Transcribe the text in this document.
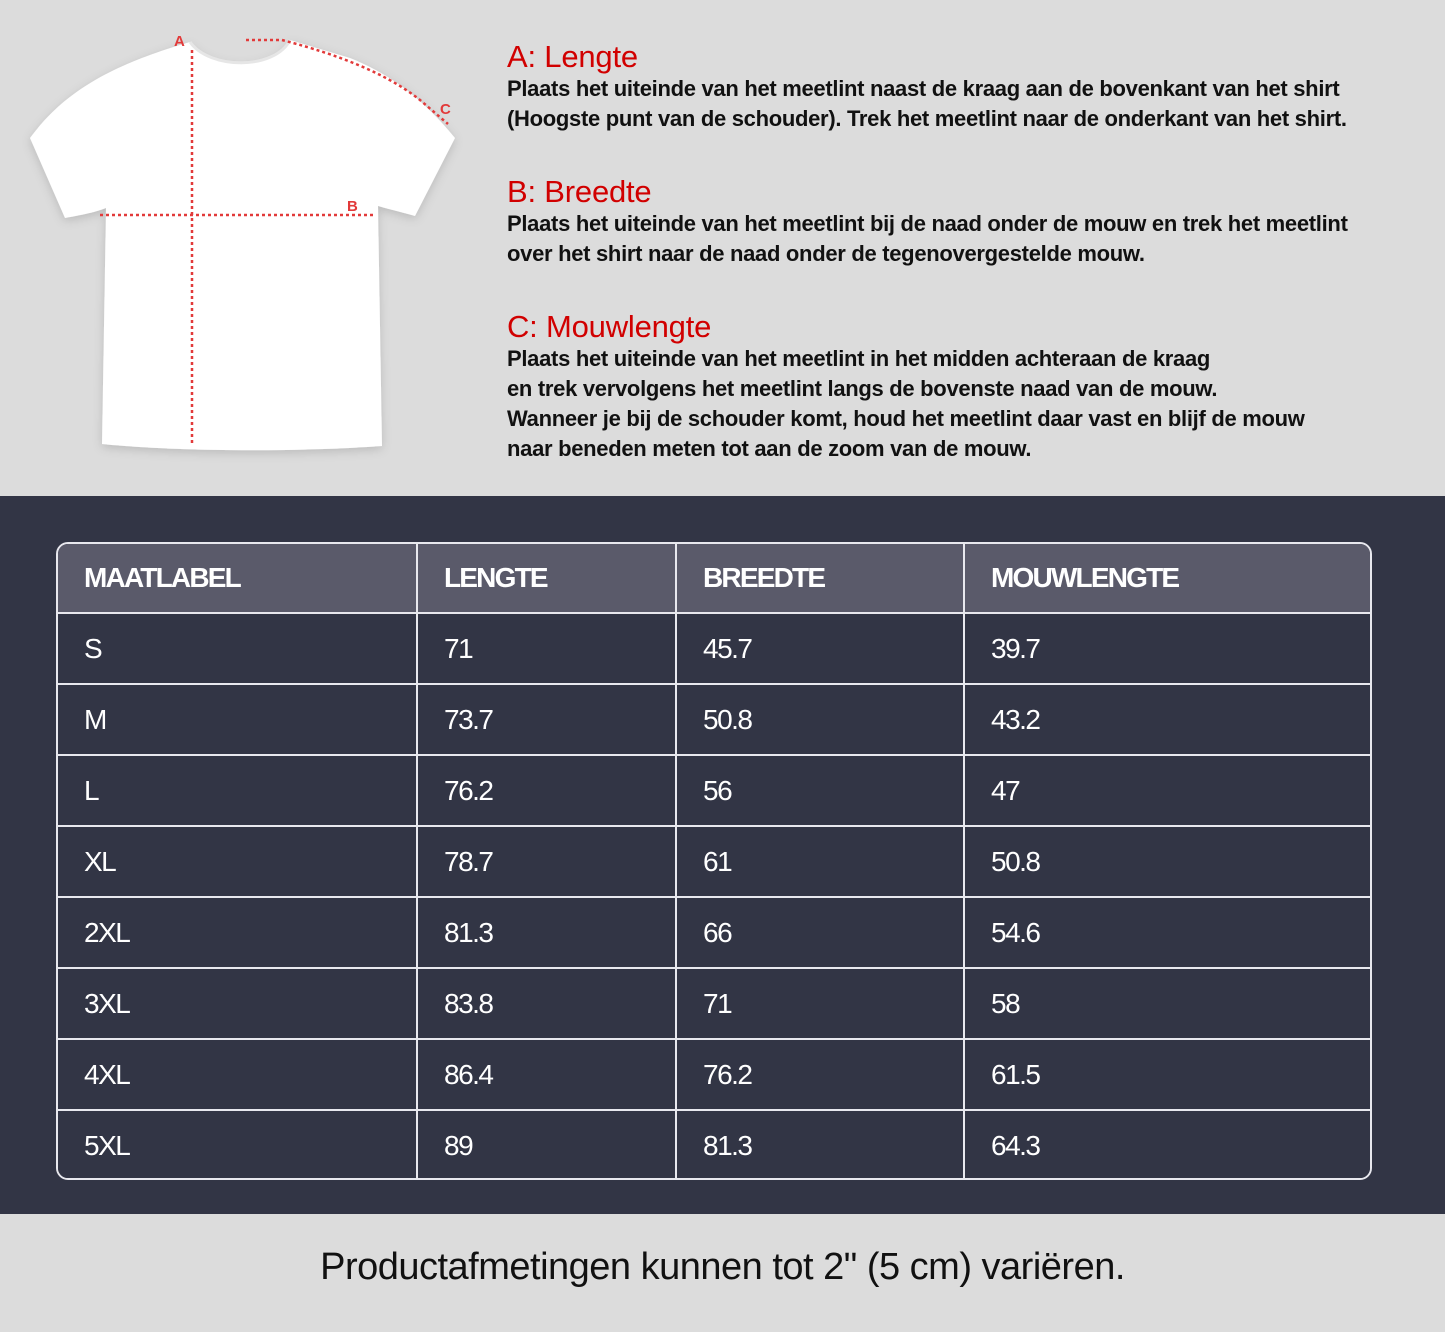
A
B
C
A: Lengte

Plaats het uiteinde van het meetlint naast de kraag aan de bovenkant van het shirt
(Hoogste punt van de schouder). Trek het meetlint naar de onderkant van het shirt.

B: Breedte

Plaats het uiteinde van het meetlint bij de naad onder de mouw en trek het meetlint
over het shirt naar de naad onder de tegenovergestelde mouw.

C: Mouwlengte

Plaats het uiteinde van het meetlint in het midden achteraan de kraag
en trek vervolgens het meetlint langs de bovenste naad van de mouw.
Wanneer je bij de schouder komt, houd het meetlint daar vast en blijf de mouw
naar beneden meten tot aan de zoom van de mouw.

MAATLABEL	LENGTE	BREEDTE	MOUWLENGTE
S	71	45.7	39.7
M	73.7	50.8	43.2
L	76.2	56	47
XL	78.7	61	50.8
2XL	81.3	66	54.6
3XL	83.8	71	58
4XL	86.4	76.2	61.5
5XL	89	81.3	64.3
Productafmetingen kunnen tot 2" (5 cm) variëren.
